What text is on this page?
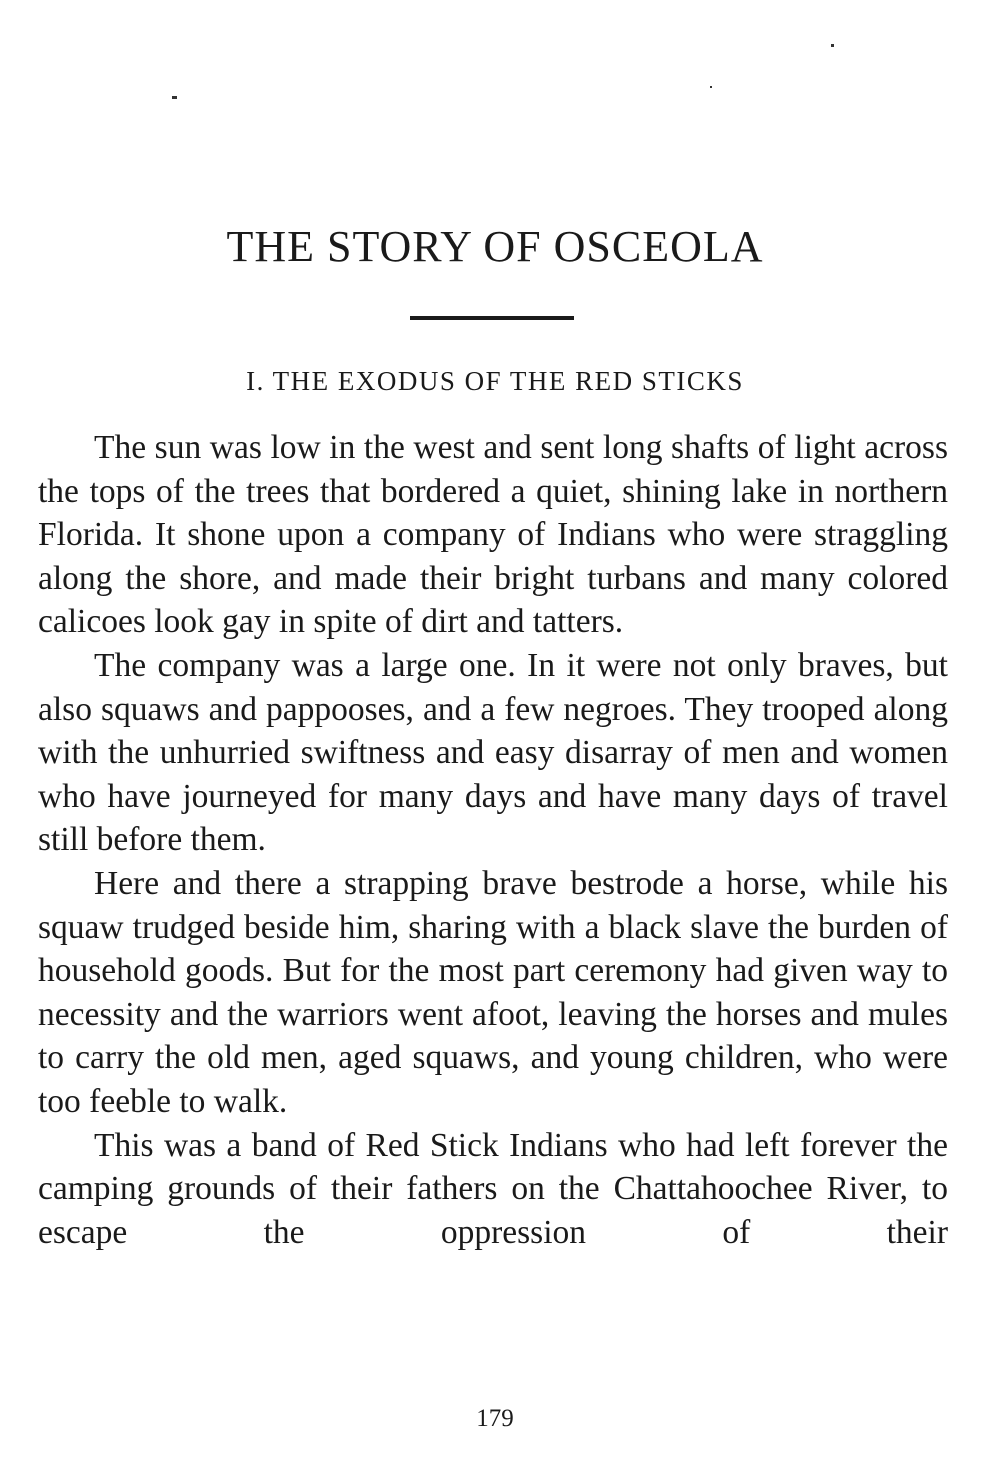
THE STORY OF OSCEOLA
I. THE EXODUS OF THE RED STICKS

The sun was low in the west and sent long shafts of light across the tops of the trees that bordered a quiet, shining lake in northern Florida. It shone upon a company of Indians who were straggling along the shore, and made their bright turbans and many colored calicoes look gay in spite of dirt and tatters.

The company was a large one. In it were not only braves, but also squaws and pappooses, and a few negroes. They trooped along with the unhurried swiftness and easy disarray of men and women who have journeyed for many days and have many days of travel still before them.

Here and there a strapping brave bestrode a horse, while his squaw trudged beside him, sharing with a black slave the burden of household goods. But for the most part ceremony had given way to necessity and the warriors went afoot, leaving the horses and mules to carry the old men, aged squaws, and young children, who were too feeble to walk.

This was a band of Red Stick Indians who had left forever the camping grounds of their fathers on the Chattahoochee River, to escape the oppression of their

179
